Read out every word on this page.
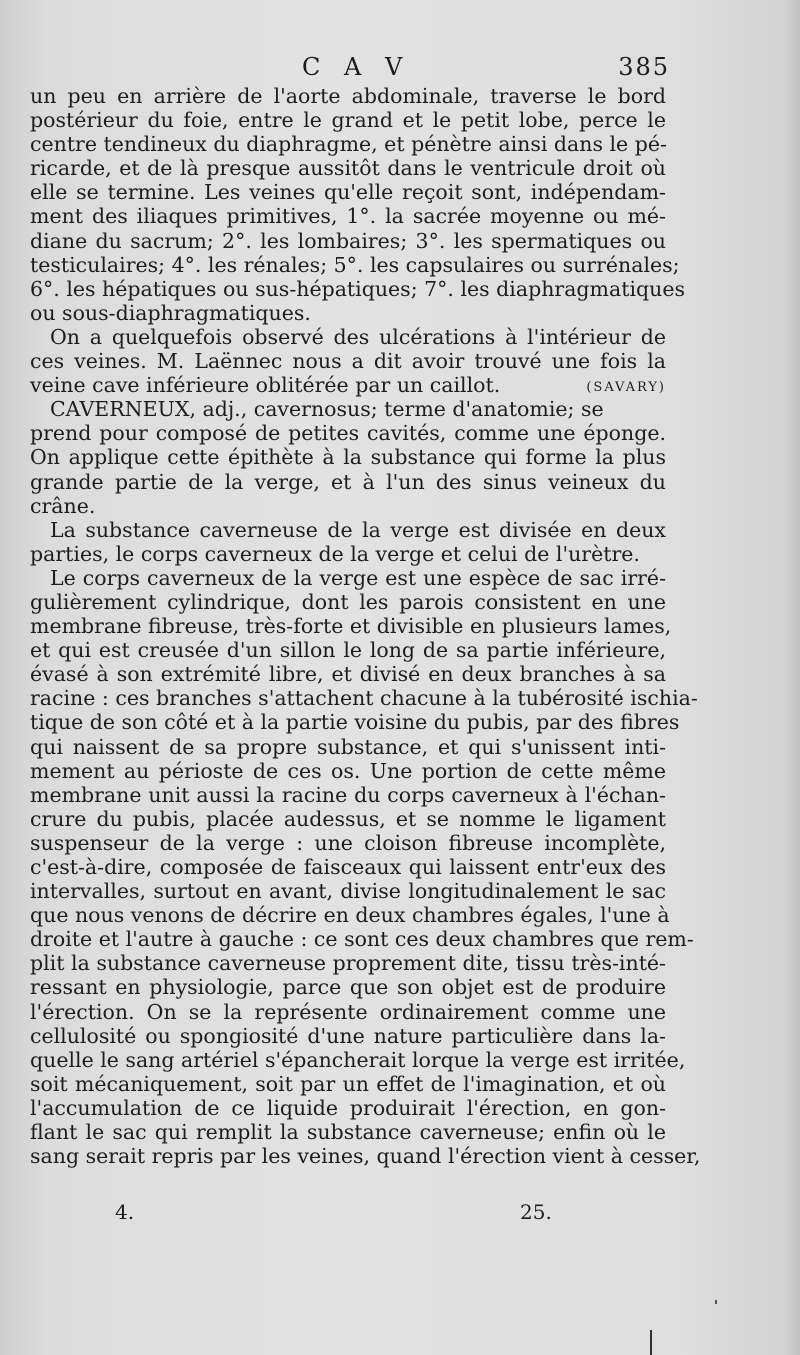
C A V	385
un peu en arrière de l'aorte abdominale, traverse le bord
postérieur du foie, entre le grand et le petit lobe, perce le
centre tendineux du diaphragme, et pénètre ainsi dans le pé-
ricarde, et de là presque aussitôt dans le ventricule droit où
elle se termine. Les veines qu'elle reçoit sont, indépendam-
ment des iliaques primitives, 1°. la sacrée moyenne ou mé-
diane du sacrum; 2°. les lombaires; 3°. les spermatiques ou
testiculaires; 4°. les rénales; 5°. les capsulaires ou surrénales;
6°. les hépatiques ou sus-hépatiques; 7°. les diaphragmatiques
ou sous-diaphragmatiques.
On a quelquefois observé des ulcérations à l'intérieur de
ces veines. M. Laënnec nous a dit avoir trouvé une fois la
veine cave inférieure oblitérée par un caillot.	(SAVARY)
CAVERNEUX, adj., cavernosus; terme d'anatomie; se
prend pour composé de petites cavités, comme une éponge.
On applique cette épithète à la substance qui forme la plus
grande partie de la verge, et à l'un des sinus veineux du
crâne.
La substance caverneuse de la verge est divisée en deux
parties, le corps caverneux de la verge et celui de l'urètre.
Le corps caverneux de la verge est une espèce de sac irré-
gulièrement cylindrique, dont les parois consistent en une
membrane fibreuse, très-forte et divisible en plusieurs lames,
et qui est creusée d'un sillon le long de sa partie inférieure,
évasé à son extrémité libre, et divisé en deux branches à sa
racine : ces branches s'attachent chacune à la tubérosité ischia-
tique de son côté et à la partie voisine du pubis, par des fibres
qui naissent de sa propre substance, et qui s'unissent inti-
mement au périoste de ces os. Une portion de cette même
membrane unit aussi la racine du corps caverneux à l'échan-
crure du pubis, placée audessus, et se nomme le ligament
suspenseur de la verge : une cloison fibreuse incomplète,
c'est-à-dire, composée de faisceaux qui laissent entr'eux des
intervalles, surtout en avant, divise longitudinalement le sac
que nous venons de décrire en deux chambres égales, l'une à
droite et l'autre à gauche : ce sont ces deux chambres que rem-
plit la substance caverneuse proprement dite, tissu très-inté-
ressant en physiologie, parce que son objet est de produire
l'érection. On se la représente ordinairement comme une
cellulosité ou spongiosité d'une nature particulière dans la-
quelle le sang artériel s'épancherait lorque la verge est irritée,
soit mécaniquement, soit par un effet de l'imagination, et où
l'accumulation de ce liquide produirait l'érection, en gon-
flant le sac qui remplit la substance caverneuse; enfin où le
sang serait repris par les veines, quand l'érection vient à cesser,
4.	25.
